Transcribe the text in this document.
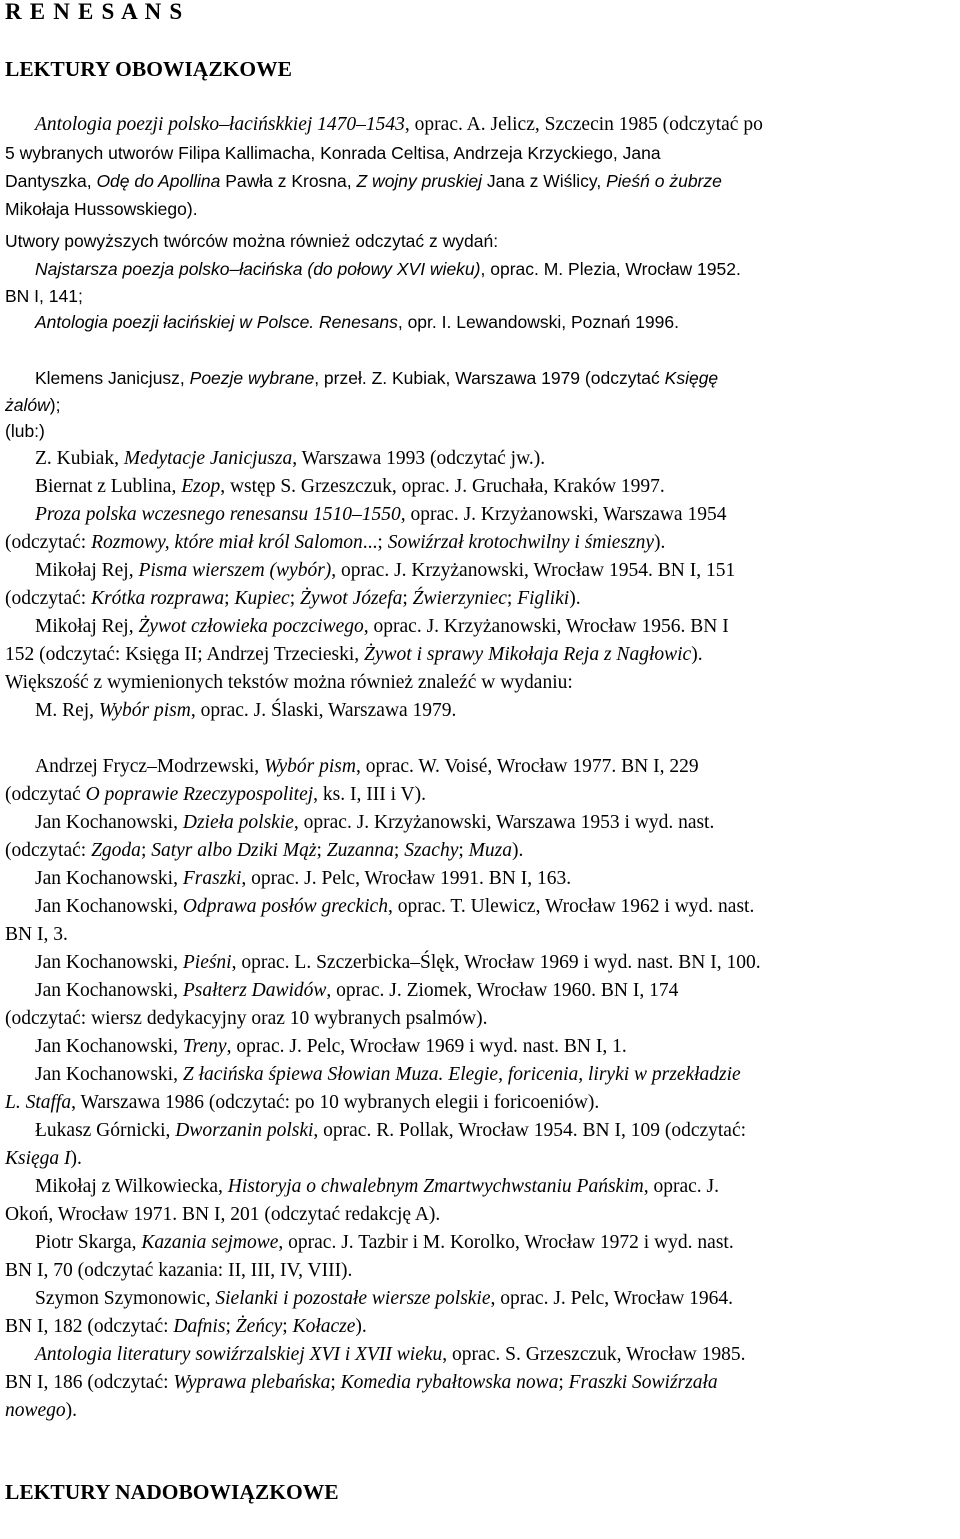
R E N E S A N S
LEKTURY OBOWIĄZKOWE

Antologia poezji polsko–łacińskkiej 1470–1543, oprac. A. Jelicz, Szczecin 1985 (odczytać po

5 wybranych utworów Filipa Kallimacha, Konrada Celtisa, Andrzeja Krzyckiego, Jana

Dantyszka, Odę do Apollina Pawła z Krosna, Z wojny pruskiej Jana z Wiślicy, Pieśń o żubrze

Mikołaja Hussowskiego).

Utwory powyższych twórców można również odczytać z wydań:

Najstarsza poezja polsko–łacińska (do połowy XVI wieku), oprac. M. Plezia, Wrocław 1952.

BN I, 141;

Antologia poezji łacińskiej w Polsce. Renesans, opr. I. Lewandowski, Poznań 1996.

Klemens Janicjusz, Poezje wybrane, przeł. Z. Kubiak, Warszawa 1979 (odczytać Księgę

żalów);

(lub:)

Z. Kubiak, Medytacje Janicjusza, Warszawa 1993 (odczytać jw.).

Biernat z Lublina, Ezop, wstęp S. Grzeszczuk, oprac. J. Gruchała, Kraków 1997.

Proza polska wczesnego renesansu 1510–1550, oprac. J. Krzyżanowski, Warszawa 1954

(odczytać: Rozmowy, które miał król Salomon...; Sowiźrzał krotochwilny i śmieszny).

Mikołaj Rej, Pisma wierszem (wybór), oprac. J. Krzyżanowski, Wrocław 1954. BN I, 151

(odczytać: Krótka rozprawa; Kupiec; Żywot Józefa; Źwierzyniec; Figliki).

Mikołaj Rej, Żywot człowieka poczciwego, oprac. J. Krzyżanowski, Wrocław 1956. BN I

152 (odczytać: Księga II; Andrzej Trzecieski, Żywot i sprawy Mikołaja Reja z Nagłowic).

Większość z wymienionych tekstów można również znaleźć w wydaniu:

M. Rej, Wybór pism, oprac. J. Ślaski, Warszawa 1979.

Andrzej Frycz–Modrzewski, Wybór pism, oprac. W. Voisé, Wrocław 1977. BN I, 229

(odczytać O poprawie Rzeczypospolitej, ks. I, III i V).

Jan Kochanowski, Dzieła polskie, oprac. J. Krzyżanowski, Warszawa 1953 i wyd. nast.

(odczytać: Zgoda; Satyr albo Dziki Mąż; Zuzanna; Szachy; Muza).

Jan Kochanowski, Fraszki, oprac. J. Pelc, Wrocław 1991. BN I, 163.

Jan Kochanowski, Odprawa posłów greckich, oprac. T. Ulewicz, Wrocław 1962 i wyd. nast.

BN I, 3.

Jan Kochanowski, Pieśni, oprac. L. Szczerbicka–Ślęk, Wrocław 1969 i wyd. nast. BN I, 100.

Jan Kochanowski, Psałterz Dawidów, oprac. J. Ziomek, Wrocław 1960. BN I, 174

(odczytać: wiersz dedykacyjny oraz 10 wybranych psalmów).

Jan Kochanowski, Treny, oprac. J. Pelc, Wrocław 1969 i wyd. nast. BN I, 1.

Jan Kochanowski, Z łacińska śpiewa Słowian Muza. Elegie, foricenia, liryki w przekładzie

L. Staffa, Warszawa 1986 (odczytać: po 10 wybranych elegii i foricoeniów).

Łukasz Górnicki, Dworzanin polski, oprac. R. Pollak, Wrocław 1954. BN I, 109 (odczytać:

Księga I).

Mikołaj z Wilkowiecka, Historyja o chwalebnym Zmartwychwstaniu Pańskim, oprac. J.

Okoń, Wrocław 1971. BN I, 201 (odczytać redakcję A).

Piotr Skarga, Kazania sejmowe, oprac. J. Tazbir i M. Korolko, Wrocław 1972 i wyd. nast.

BN I, 70 (odczytać kazania: II, III, IV, VIII).

Szymon Szymonowic, Sielanki i pozostałe wiersze polskie, oprac. J. Pelc, Wrocław 1964.

BN I, 182 (odczytać: Dafnis; Żeńcy; Kołacze).

Antologia literatury sowiźrzalskiej XVI i XVII wieku, oprac. S. Grzeszczuk, Wrocław 1985.

BN I, 186 (odczytać: Wyprawa plebańska; Komedia rybałtowska nowa; Fraszki Sowiźrzała

nowego).

LEKTURY NADOBOWIĄZKOWE
